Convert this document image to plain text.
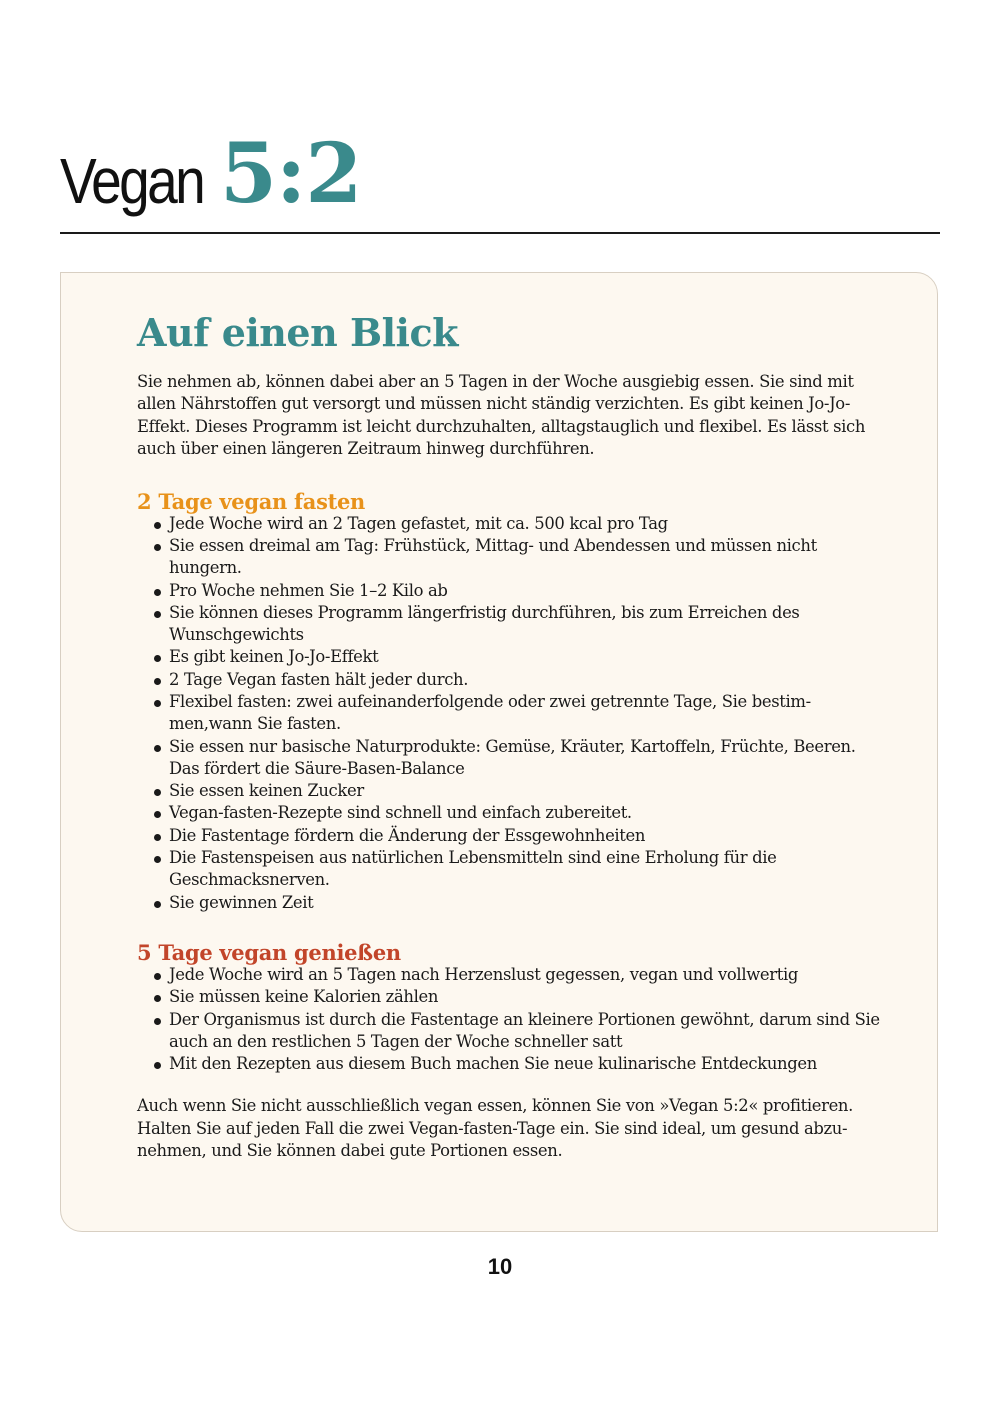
Vegan 5:2
Auf einen Blick

Sie nehmen ab, können dabei aber an 5 Tagen in der Woche ausgiebig essen. Sie sind mit allen Nährstoffen gut versorgt und müssen nicht ständig verzichten. Es gibt keinen Jo-Jo-Effekt. Dieses Programm ist leicht durchzuhalten, alltagstauglich und flexibel. Es lässt sich auch über einen längeren Zeitraum hinweg durchführen.

2 Tage vegan fasten
Jede Woche wird an 2 Tagen gefastet, mit ca. 500 kcal pro Tag
Sie essen dreimal am Tag: Frühstück, Mittag- und Abendessen und müssen nicht hungern.
Pro Woche nehmen Sie 1–2 Kilo ab
Sie können dieses Programm längerfristig durchführen, bis zum Erreichen des Wunschgewichts
Es gibt keinen Jo-Jo-Effekt
2 Tage Vegan fasten hält jeder durch.
Flexibel fasten: zwei aufeinanderfolgende oder zwei getrennte Tage, Sie bestim-men,wann Sie fasten.
Sie essen nur basische Naturprodukte: Gemüse, Kräuter, Kartoffeln, Früchte, Beeren. Das fördert die Säure-Basen-Balance
Sie essen keinen Zucker
Vegan-fasten-Rezepte sind schnell und einfach zubereitet.
Die Fastentage fördern die Änderung der Essgewohnheiten
Die Fastenspeisen aus natürlichen Lebensmitteln sind eine Erholung für die Geschmacksnerven.
Sie gewinnen Zeit
5 Tage vegan genießen
Jede Woche wird an 5 Tagen nach Herzenslust gegessen, vegan und vollwertig
Sie müssen keine Kalorien zählen
Der Organismus ist durch die Fastentage an kleinere Portionen gewöhnt, darum sind Sie auch an den restlichen 5 Tagen der Woche schneller satt
Mit den Rezepten aus diesem Buch machen Sie neue kulinarische Entdeckungen

Auch wenn Sie nicht ausschließlich vegan essen, können Sie von »Vegan 5:2« profitieren. Halten Sie auf jeden Fall die zwei Vegan-fasten-Tage ein. Sie sind ideal, um gesund abzu-nehmen, und Sie können dabei gute Portionen essen.

10
